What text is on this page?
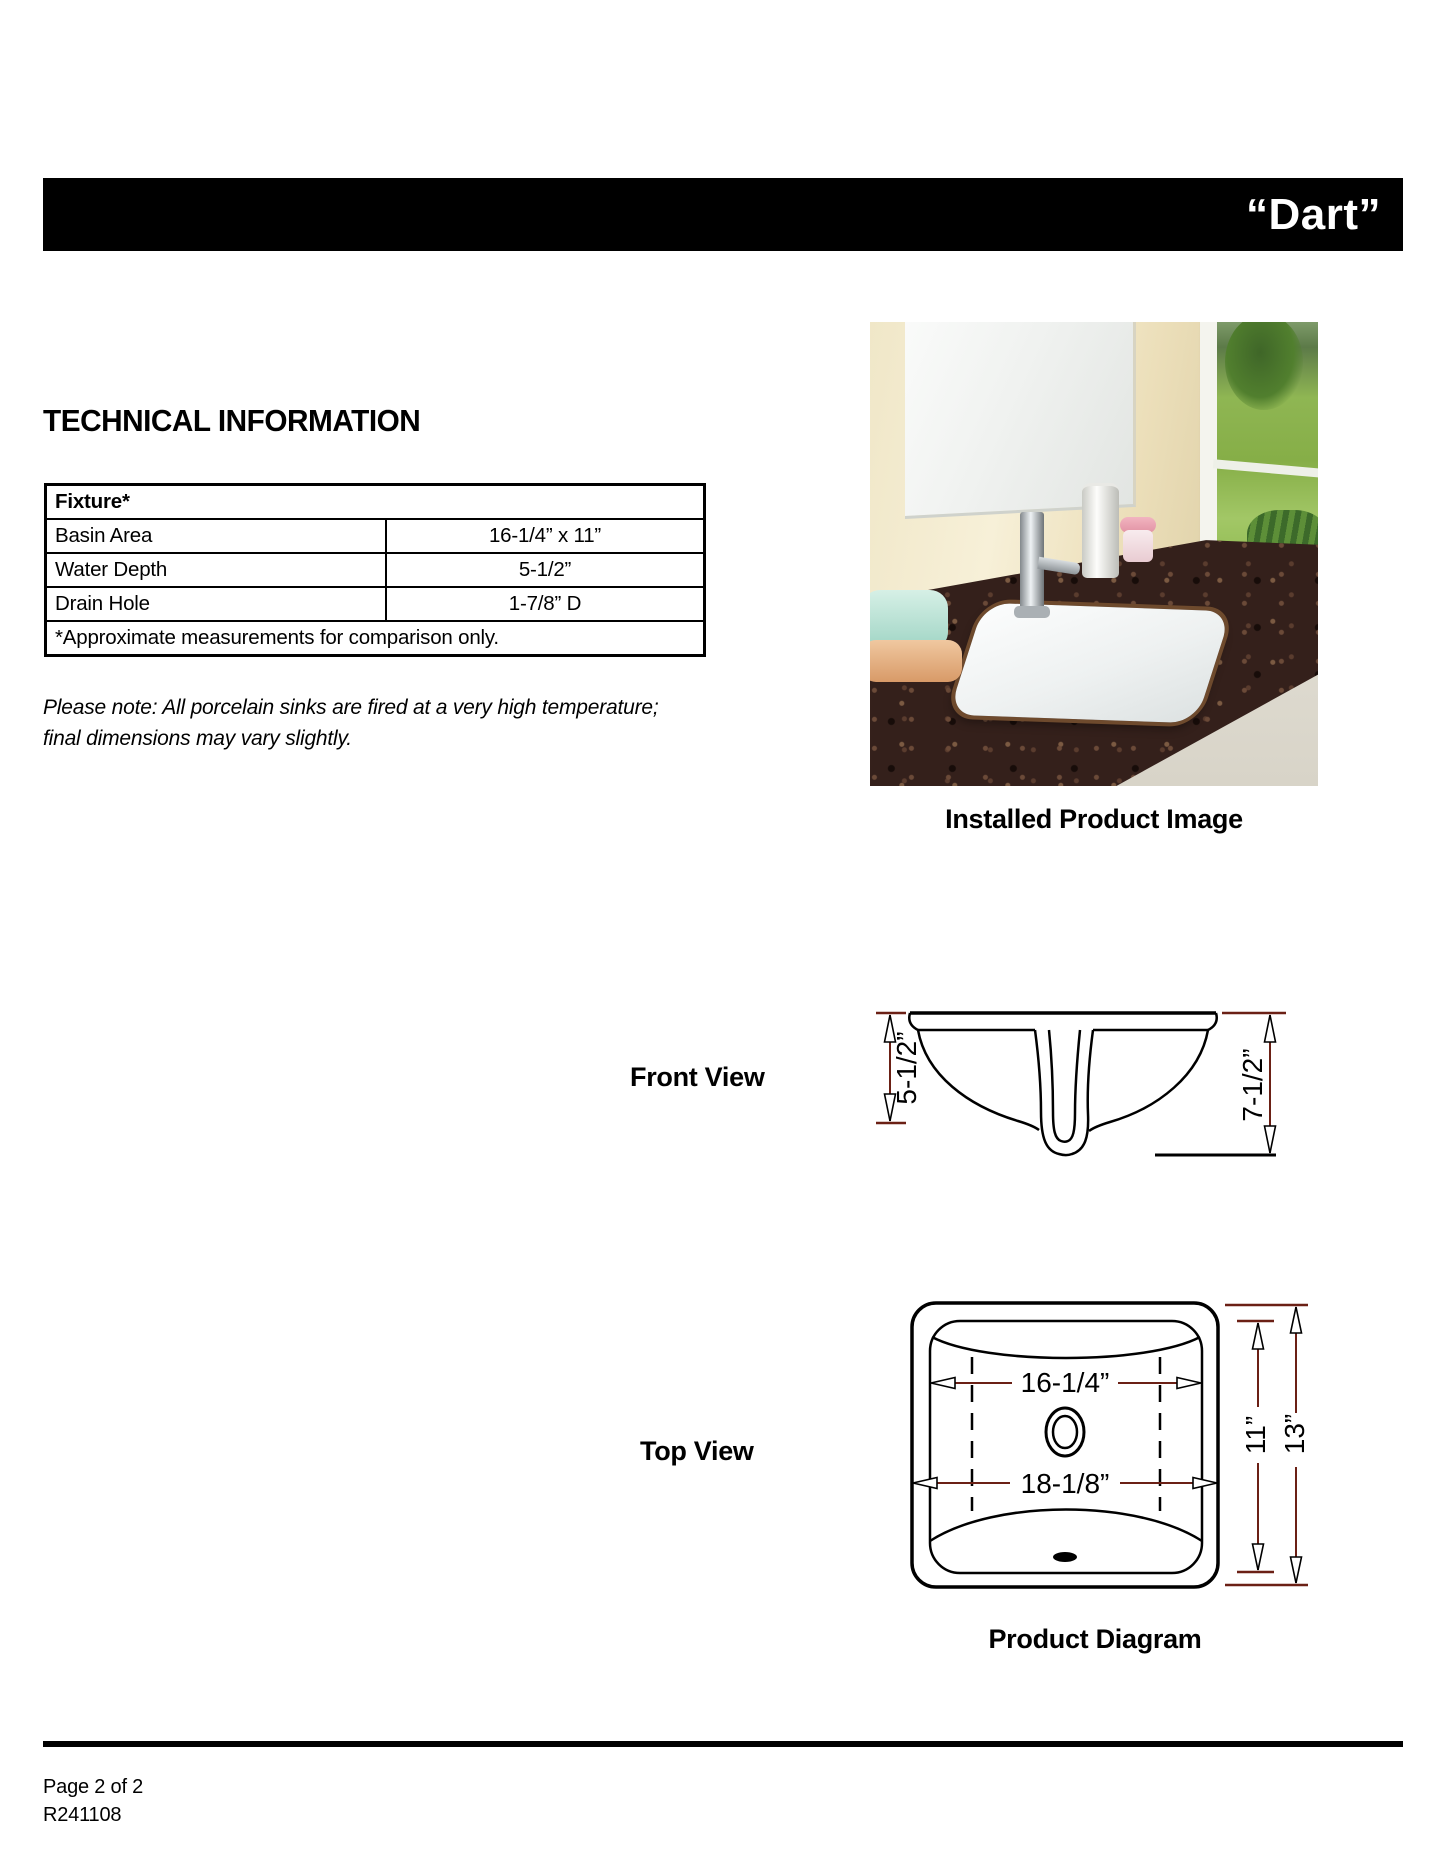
“Dart”
TECHNICAL INFORMATION
Fixture*	
Basin Area	16-1/4” x 11”
Water Depth	5-1/2”
Drain Hole	1-7/8” D
*Approximate measurements for comparison only.	
Please note: All porcelain sinks are fired at a very high temperature;
final dimensions may vary slightly.
Installed Product Image
Front View	5-1/2”	7-1/2”
Top View
16-1/4”
18-1/8”
11” 13”
Product Diagram
Page 2 of 2
R241108
